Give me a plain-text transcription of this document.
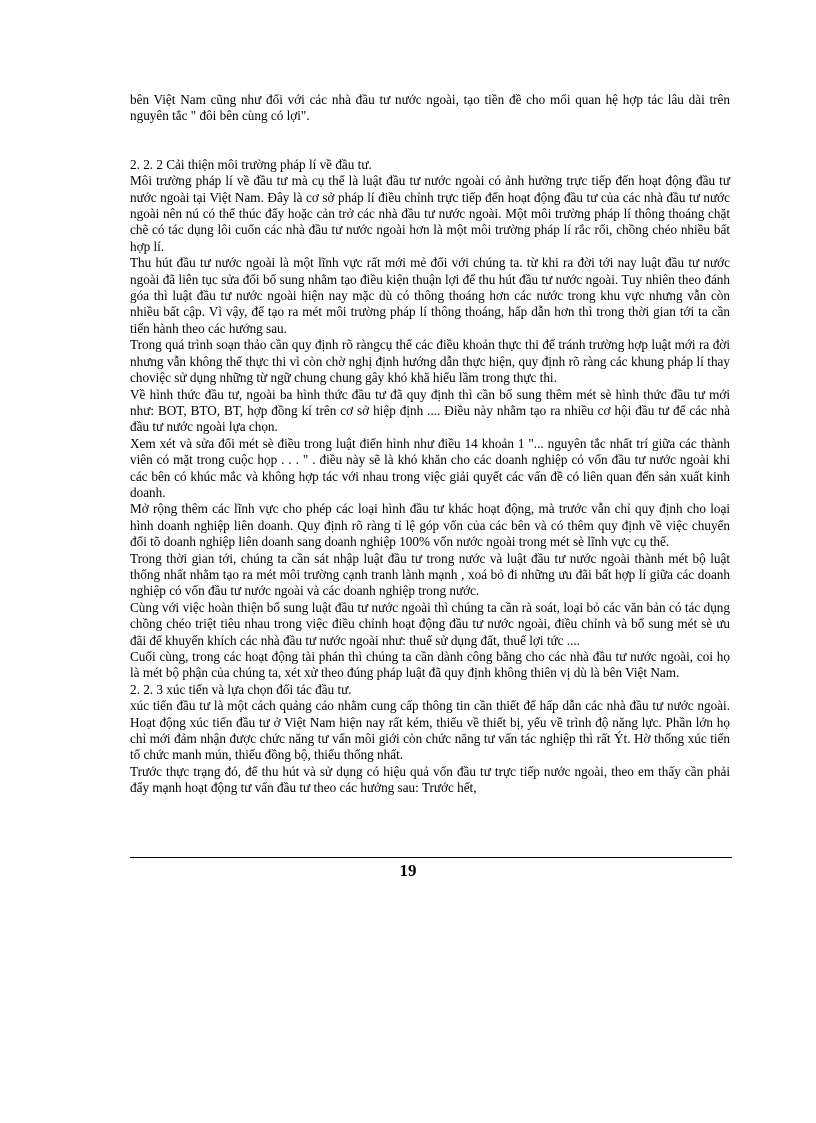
bên Việt Nam cũng như đối với các nhà đầu tư nước ngoài, tạo tiền đề cho mối quan hệ hợp tác lâu dài trên nguyên tắc " đôi bên cùng có lợi".

2. 2. 2 Cải thiện môi trường pháp lí về đầu tư.

Môi trường pháp lí về đầu tư mà cụ thể là luật đầu tư nước ngoài có ảnh hưởng trực tiếp đến hoạt động đầu tư nước ngoài tại Việt Nam. Đây là cơ sở pháp lí điều chỉnh trực tiếp đến hoạt động đầu tư của các nhà đầu tư nước ngoài nên nú có thể thúc đẩy hoặc cản trở các nhà đầu tư nước ngoài. Một môi trường pháp lí thông thoáng chặt chẽ có tác dụng lôi cuốn các nhà đầu tư nước ngoài hơn là một môi trường pháp lí rắc rối, chồng chéo nhiều bất hợp lí.

Thu hút đầu tư nước ngoài là một lĩnh vực rất mới mẻ đối với chúng ta. từ khi ra đời tới nay luật đầu tư nước ngoài đã liên tục sửa đổi bổ sung nhằm tạo điều kiện thuận lợi để thu hút đầu tư nước ngoài. Tuy nhiên theo đánh góa thì luật đầu tư nước ngoài hiện nay mặc dù có thông thoáng hơn các nước trong khu vực nhưng vẫn còn nhiều bất cập. Vì vậy, để tạo ra mét môi trường pháp lí thông thoáng, hấp dẫn hơn thì trong thời gian tới ta cần tiến hành theo các hướng sau.

Trong quá trình soạn thảo cần quy định rõ ràngcụ thể các điều khoản thực thi để tránh trường hợp luật mới ra đời nhưng vẫn không thể thực thi vì còn chờ nghị định hướng dẫn thực hiện, quy định rõ ràng các khung pháp lí thay choviệc sử dụng những từ ngữ chung chung gây khó khă hiểu lầm trong thực thi.

Về hình thức đầu tư, ngoài ba hình thức đầu tư đã quy định thì cần bổ sung thêm mét sè hình thức đầu tư mới như: BOT, BTO, BT, hợp đồng kí trên cơ sở hiệp định .... Điều này nhằm tạo ra nhiều cơ hội đầu tư để các nhà đầu tư nước ngoài lựa chọn.

Xem xét và sửa đổi mét sè điều trong luật điển hình như điều 14 khoản 1 "... nguyên tắc nhất trí giữa các thành viên có mặt trong cuộc họp . . . " . điều này sẽ là khó khăn cho các doanh nghiệp có vốn đầu tư nước ngoài khi các bên có khúc mắc và không hợp tác với nhau trong việc giải quyết các vấn đề có liên quan đến sản xuất kinh doanh.

Mở rộng thêm các lĩnh vực cho phép các loại hình đầu tư khác hoạt động, mà trước vẫn chỉ quy định cho loại hình doanh nghiệp liên doanh. Quy định rõ ràng tỉ lệ góp vốn của các bên và có thêm quy định về việc chuyển đổi tõ doanh nghiệp liên doanh sang doanh nghiệp 100% vốn nước ngoài trong mét sè lĩnh vực cụ thể.

Trong thời gian tới, chúng ta cần sát nhập luật đầu tư trong nước và luật đầu tư nước ngoài thành mét bộ luật thống nhất nhằm tạo ra mét môi trường cạnh tranh lành mạnh , xoá bỏ đi những ưu đãi bất hợp lí giữa các doanh nghiệp có vốn đầu tư nước ngoài và các doanh nghiệp trong nước.

Cùng với việc hoàn thiện bổ sung luật đầu tư nước ngoài thì chúng ta cần rà soát, loại bỏ các văn bản có tác dụng chồng chéo triệt tiêu nhau trong việc điều chỉnh hoạt động đầu tư nước ngoài, điều chỉnh và bổ sung mét sè ưu đãi để khuyến khích các nhà đầu tư nước ngoài như: thuế sử dụng đất, thuế lợi tức ....

Cuối cùng, trong các hoạt động tài phán thì chúng ta cần dành công bằng cho các nhà đầu tư nước ngoài, coi họ là mét bộ phận của chúng ta, xét xử theo đúng pháp luật đã quy định không thiên vị dù là bên Việt Nam.

2. 2. 3 xúc tiến và lựa chọn đối tác đầu tư.

xúc tiến đầu tư là một cách quảng cáo nhằm cung cấp thông tin cần thiết để hấp dẫn các nhà đầu tư nước ngoài. Hoạt động xúc tiến đầu tư ở Việt Nam hiện nay rất kém, thiếu về thiết bị, yếu về trình độ năng lực. Phần lớn họ chỉ mới đảm nhận được chức năng tư vấn môi giới còn chức năng tư vấn tác nghiệp thì rất Ýt. Hờ thống xúc tiến tổ chức manh mún, thiếu đồng bộ, thiếu thống nhất.

Trước thực trạng đó, để thu hút và sử dụng có hiệu quả vốn đầu tư trực tiếp nước ngoài, theo em thấy cần phải đẩy mạnh hoạt động tư vấn đầu tư theo các hướng sau: Trước hết,

19
